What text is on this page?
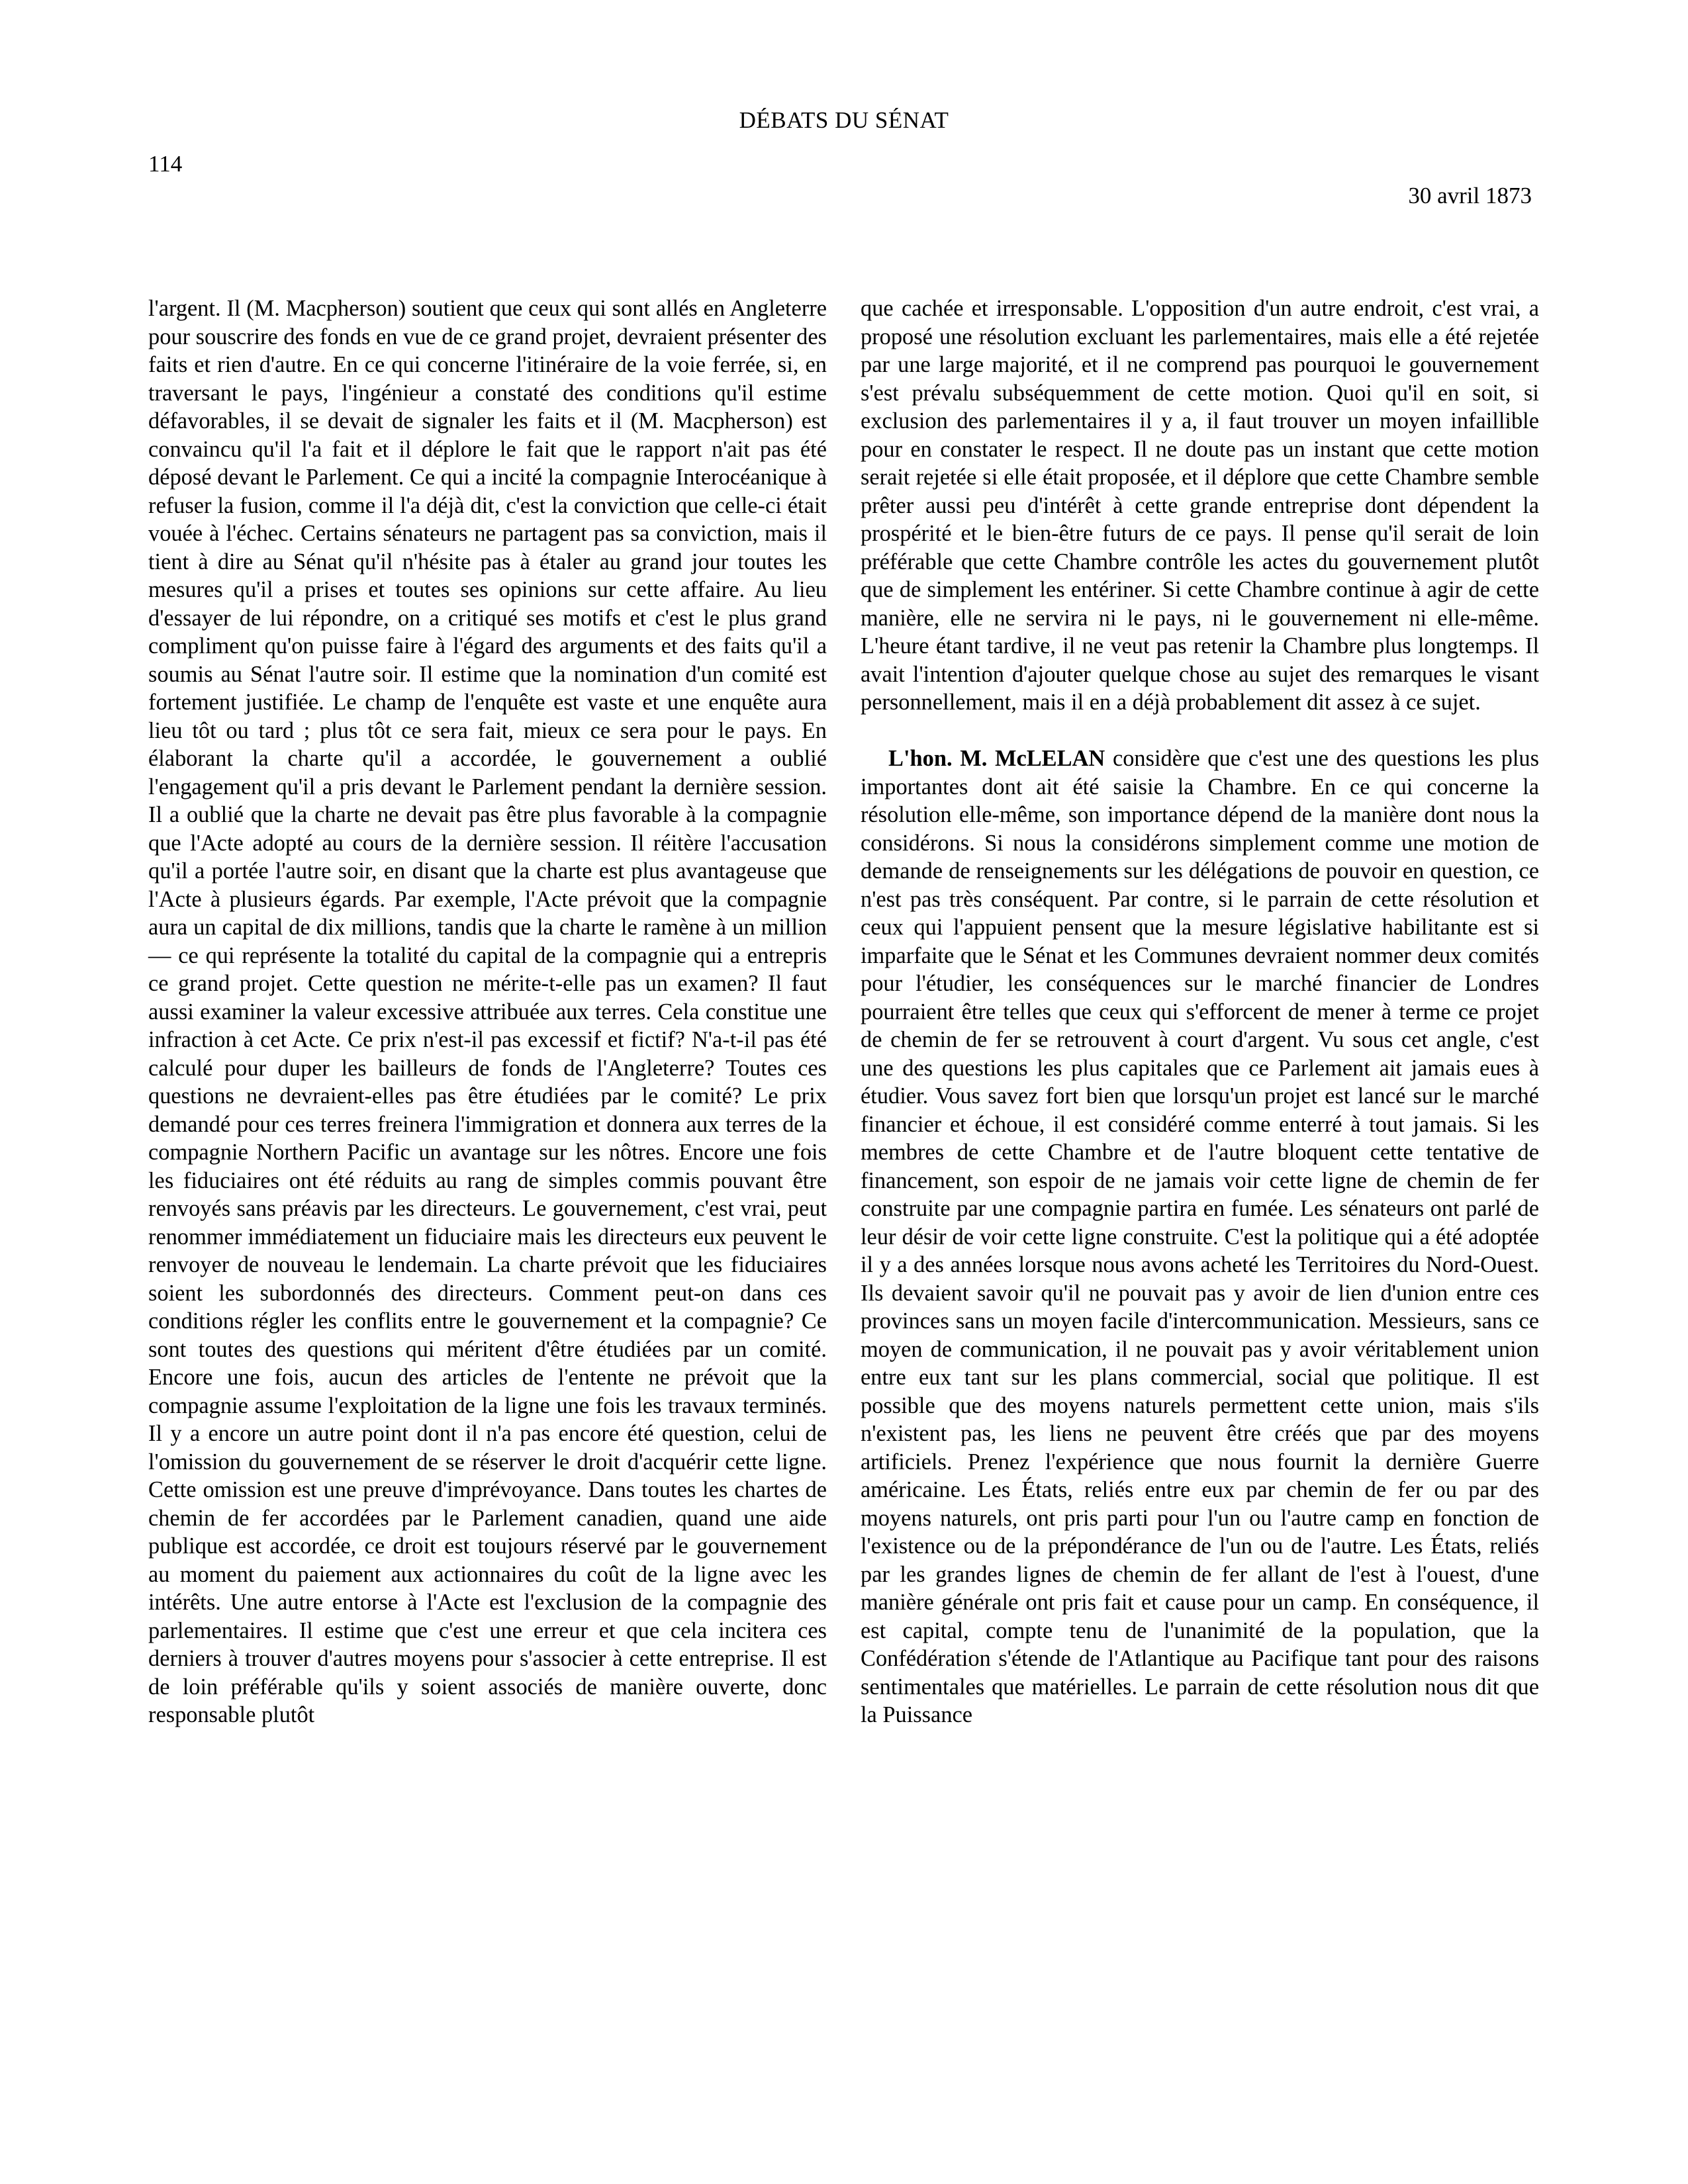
DÉBATS DU SÉNAT
114
30 avril 1873

l'argent. Il (M. Macpherson) soutient que ceux qui sont allés en Angleterre pour souscrire des fonds en vue de ce grand projet, devraient présenter des faits et rien d'autre. En ce qui concerne l'itinéraire de la voie ferrée, si, en traversant le pays, l'ingénieur a constaté des conditions qu'il estime défavorables, il se devait de signaler les faits et il (M. Macpherson) est convaincu qu'il l'a fait et il déplore le fait que le rapport n'ait pas été déposé devant le Parlement. Ce qui a incité la compagnie Interocéanique à refuser la fusion, comme il l'a déjà dit, c'est la conviction que celle-ci était vouée à l'échec. Certains sénateurs ne partagent pas sa conviction, mais il tient à dire au Sénat qu'il n'hésite pas à étaler au grand jour toutes les mesures qu'il a prises et toutes ses opinions sur cette affaire. Au lieu d'essayer de lui répondre, on a critiqué ses motifs et c'est le plus grand compliment qu'on puisse faire à l'égard des arguments et des faits qu'il a soumis au Sénat l'autre soir. Il estime que la nomination d'un comité est fortement justifiée. Le champ de l'enquête est vaste et une enquête aura lieu tôt ou tard ; plus tôt ce sera fait, mieux ce sera pour le pays. En élaborant la charte qu'il a accordée, le gouvernement a oublié l'engagement qu'il a pris devant le Parlement pendant la dernière session. Il a oublié que la charte ne devait pas être plus favorable à la compagnie que l'Acte adopté au cours de la dernière session. Il réitère l'accusation qu'il a portée l'autre soir, en disant que la charte est plus avantageuse que l'Acte à plusieurs égards. Par exemple, l'Acte prévoit que la compagnie aura un capital de dix millions, tandis que la charte le ramène à un million — ce qui représente la totalité du capital de la compagnie qui a entrepris ce grand projet. Cette question ne mérite-t-elle pas un examen? Il faut aussi examiner la valeur excessive attribuée aux terres. Cela constitue une infraction à cet Acte. Ce prix n'est-il pas excessif et fictif? N'a-t-il pas été calculé pour duper les bailleurs de fonds de l'Angleterre? Toutes ces questions ne devraient-elles pas être étudiées par le comité? Le prix demandé pour ces terres freinera l'immigration et donnera aux terres de la compagnie Northern Pacific un avantage sur les nôtres. Encore une fois les fiduciaires ont été réduits au rang de simples commis pouvant être renvoyés sans préavis par les directeurs. Le gouvernement, c'est vrai, peut renommer immédiatement un fiduciaire mais les directeurs eux peuvent le renvoyer de nouveau le lendemain. La charte prévoit que les fiduciaires soient les subordonnés des directeurs. Comment peut-on dans ces conditions régler les conflits entre le gouvernement et la compagnie? Ce sont toutes des questions qui méritent d'être étudiées par un comité. Encore une fois, aucun des articles de l'entente ne prévoit que la compagnie assume l'exploitation de la ligne une fois les travaux terminés. Il y a encore un autre point dont il n'a pas encore été question, celui de l'omission du gouvernement de se réserver le droit d'acquérir cette ligne. Cette omission est une preuve d'imprévoyance. Dans toutes les chartes de chemin de fer accordées par le Parlement canadien, quand une aide publique est accordée, ce droit est toujours réservé par le gouvernement au moment du paiement aux actionnaires du coût de la ligne avec les intérêts. Une autre entorse à l'Acte est l'exclusion de la compagnie des parlementaires. Il estime que c'est une erreur et que cela incitera ces derniers à trouver d'autres moyens pour s'associer à cette entreprise. Il est de loin préférable qu'ils y soient associés de manière ouverte, donc responsable plutôt

que cachée et irresponsable. L'opposition d'un autre endroit, c'est vrai, a proposé une résolution excluant les parlementaires, mais elle a été rejetée par une large majorité, et il ne comprend pas pourquoi le gouvernement s'est prévalu subséquemment de cette motion. Quoi qu'il en soit, si exclusion des parlementaires il y a, il faut trouver un moyen infaillible pour en constater le respect. Il ne doute pas un instant que cette motion serait rejetée si elle était proposée, et il déplore que cette Chambre semble prêter aussi peu d'intérêt à cette grande entreprise dont dépendent la prospérité et le bien-être futurs de ce pays. Il pense qu'il serait de loin préférable que cette Chambre contrôle les actes du gouvernement plutôt que de simplement les entériner. Si cette Chambre continue à agir de cette manière, elle ne servira ni le pays, ni le gouvernement ni elle-même. L'heure étant tardive, il ne veut pas retenir la Chambre plus longtemps. Il avait l'intention d'ajouter quelque chose au sujet des remarques le visant personnellement, mais il en a déjà probablement dit assez à ce sujet.

L'hon. M. McLELAN considère que c'est une des questions les plus importantes dont ait été saisie la Chambre. En ce qui concerne la résolution elle-même, son importance dépend de la manière dont nous la considérons. Si nous la considérons simplement comme une motion de demande de renseignements sur les délégations de pouvoir en question, ce n'est pas très conséquent. Par contre, si le parrain de cette résolution et ceux qui l'appuient pensent que la mesure législative habilitante est si imparfaite que le Sénat et les Communes devraient nommer deux comités pour l'étudier, les conséquences sur le marché financier de Londres pourraient être telles que ceux qui s'efforcent de mener à terme ce projet de chemin de fer se retrouvent à court d'argent. Vu sous cet angle, c'est une des questions les plus capitales que ce Parlement ait jamais eues à étudier. Vous savez fort bien que lorsqu'un projet est lancé sur le marché financier et échoue, il est considéré comme enterré à tout jamais. Si les membres de cette Chambre et de l'autre bloquent cette tentative de financement, son espoir de ne jamais voir cette ligne de chemin de fer construite par une compagnie partira en fumée. Les sénateurs ont parlé de leur désir de voir cette ligne construite. C'est la politique qui a été adoptée il y a des années lorsque nous avons acheté les Territoires du Nord-Ouest. Ils devaient savoir qu'il ne pouvait pas y avoir de lien d'union entre ces provinces sans un moyen facile d'intercommunication. Messieurs, sans ce moyen de communication, il ne pouvait pas y avoir véritablement union entre eux tant sur les plans commercial, social que politique. Il est possible que des moyens naturels permettent cette union, mais s'ils n'existent pas, les liens ne peuvent être créés que par des moyens artificiels. Prenez l'expérience que nous fournit la dernière Guerre américaine. Les États, reliés entre eux par chemin de fer ou par des moyens naturels, ont pris parti pour l'un ou l'autre camp en fonction de l'existence ou de la prépondérance de l'un ou de l'autre. Les États, reliés par les grandes lignes de chemin de fer allant de l'est à l'ouest, d'une manière générale ont pris fait et cause pour un camp. En conséquence, il est capital, compte tenu de l'unanimité de la population, que la Confédération s'étende de l'Atlantique au Pacifique tant pour des raisons sentimentales que matérielles. Le parrain de cette résolution nous dit que la Puissance
